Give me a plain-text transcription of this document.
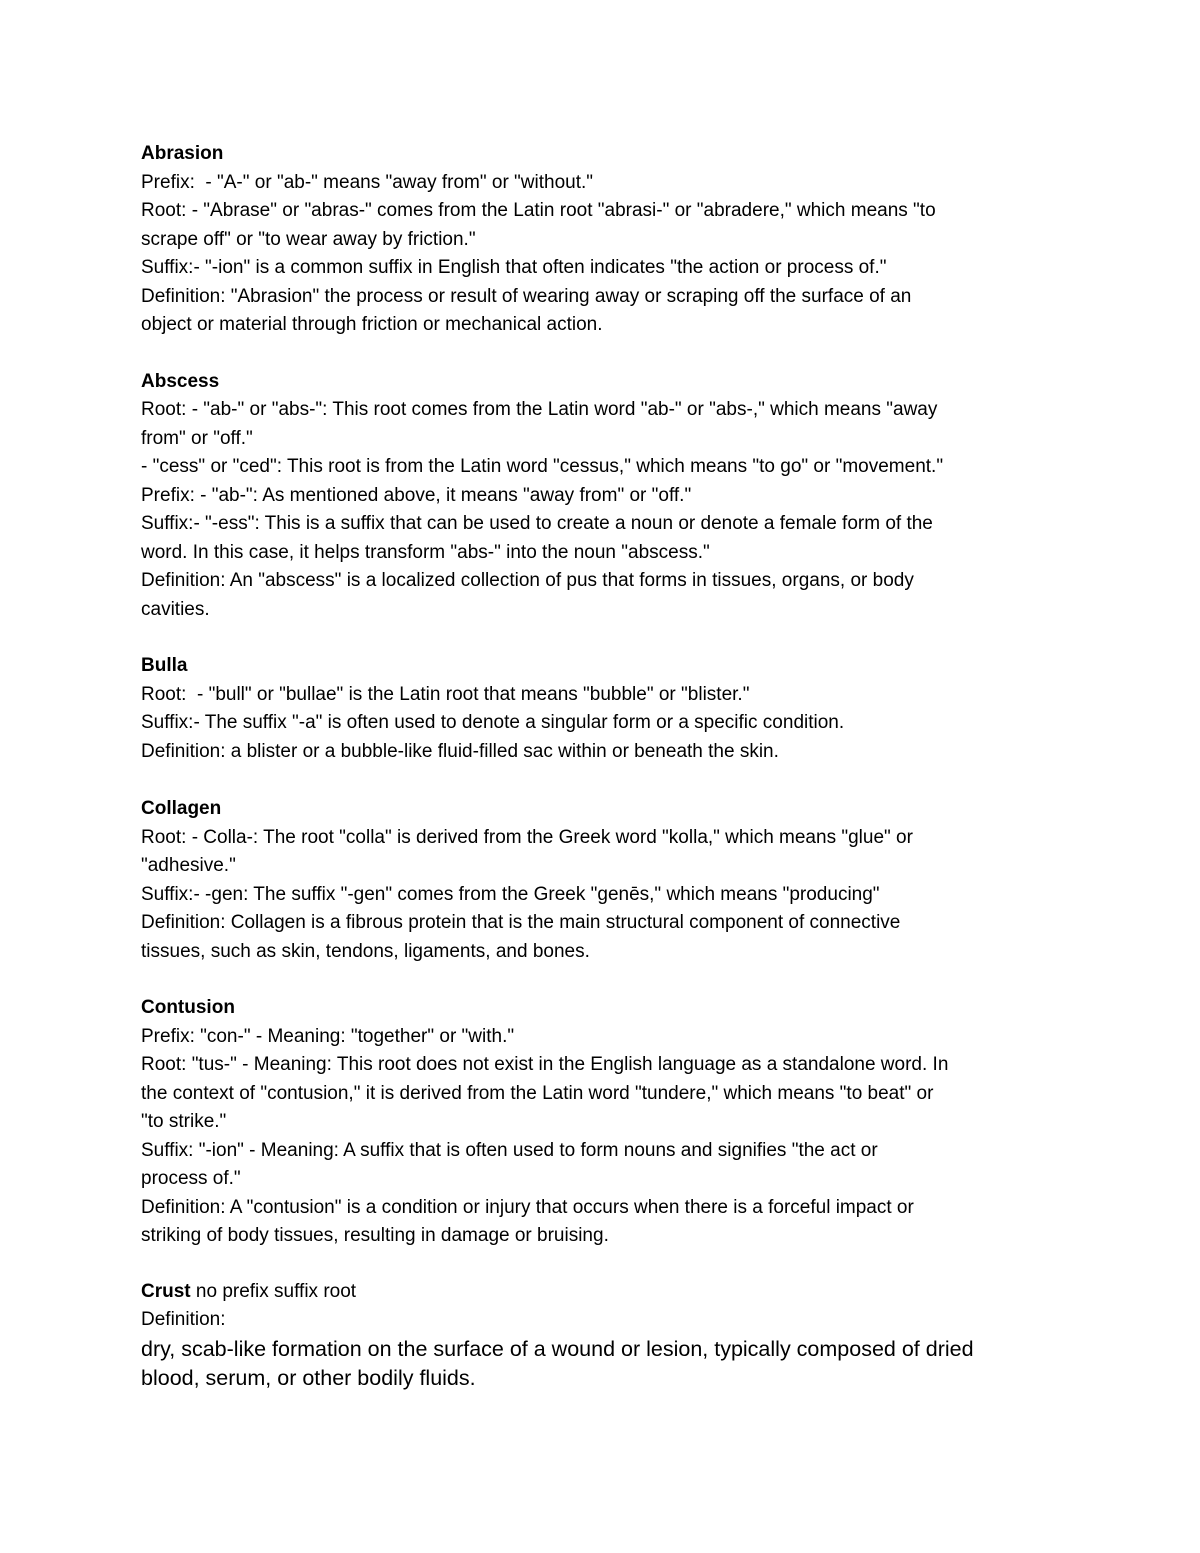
Abrasion
Prefix:  - "A-" or "ab-" means "away from" or "without."
Root: - "Abrase" or "abras-" comes from the Latin root "abrasi-" or "abradere," which means "to
scrape off" or "to wear away by friction."
Suffix:- "-ion" is a common suffix in English that often indicates "the action or process of."
Definition: "Abrasion" the process or result of wearing away or scraping off the surface of an
object or material through friction or mechanical action.
Abscess
Root: - "ab-" or "abs-": This root comes from the Latin word "ab-" or "abs-," which means "away
from" or "off."
- "cess" or "ced": This root is from the Latin word "cessus," which means "to go" or "movement."
Prefix: - "ab-": As mentioned above, it means "away from" or "off."
Suffix:- "-ess": This is a suffix that can be used to create a noun or denote a female form of the
word. In this case, it helps transform "abs-" into the noun "abscess."
Definition: An "abscess" is a localized collection of pus that forms in tissues, organs, or body
cavities.
Bulla
Root:  - "bull" or "bullae" is the Latin root that means "bubble" or "blister."
Suffix:- The suffix "-a" is often used to denote a singular form or a specific condition.
Definition: a blister or a bubble-like fluid-filled sac within or beneath the skin.
Collagen
Root: - Colla-: The root "colla" is derived from the Greek word "kolla," which means "glue" or
"adhesive."
Suffix:- -gen: The suffix "-gen" comes from the Greek "genēs," which means "producing"
Definition: Collagen is a fibrous protein that is the main structural component of connective
tissues, such as skin, tendons, ligaments, and bones.
Contusion
Prefix: "con-" - Meaning: "together" or "with."
Root: "tus-" - Meaning: This root does not exist in the English language as a standalone word. In
the context of "contusion," it is derived from the Latin word "tundere," which means "to beat" or
"to strike."
Suffix: "-ion" - Meaning: A suffix that is often used to form nouns and signifies "the act or
process of."
Definition: A "contusion" is a condition or injury that occurs when there is a forceful impact or
striking of body tissues, resulting in damage or bruising.
Crust no prefix suffix root
Definition:
dry, scab-like formation on the surface of a wound or lesion, typically composed of dried
blood, serum, or other bodily fluids.
